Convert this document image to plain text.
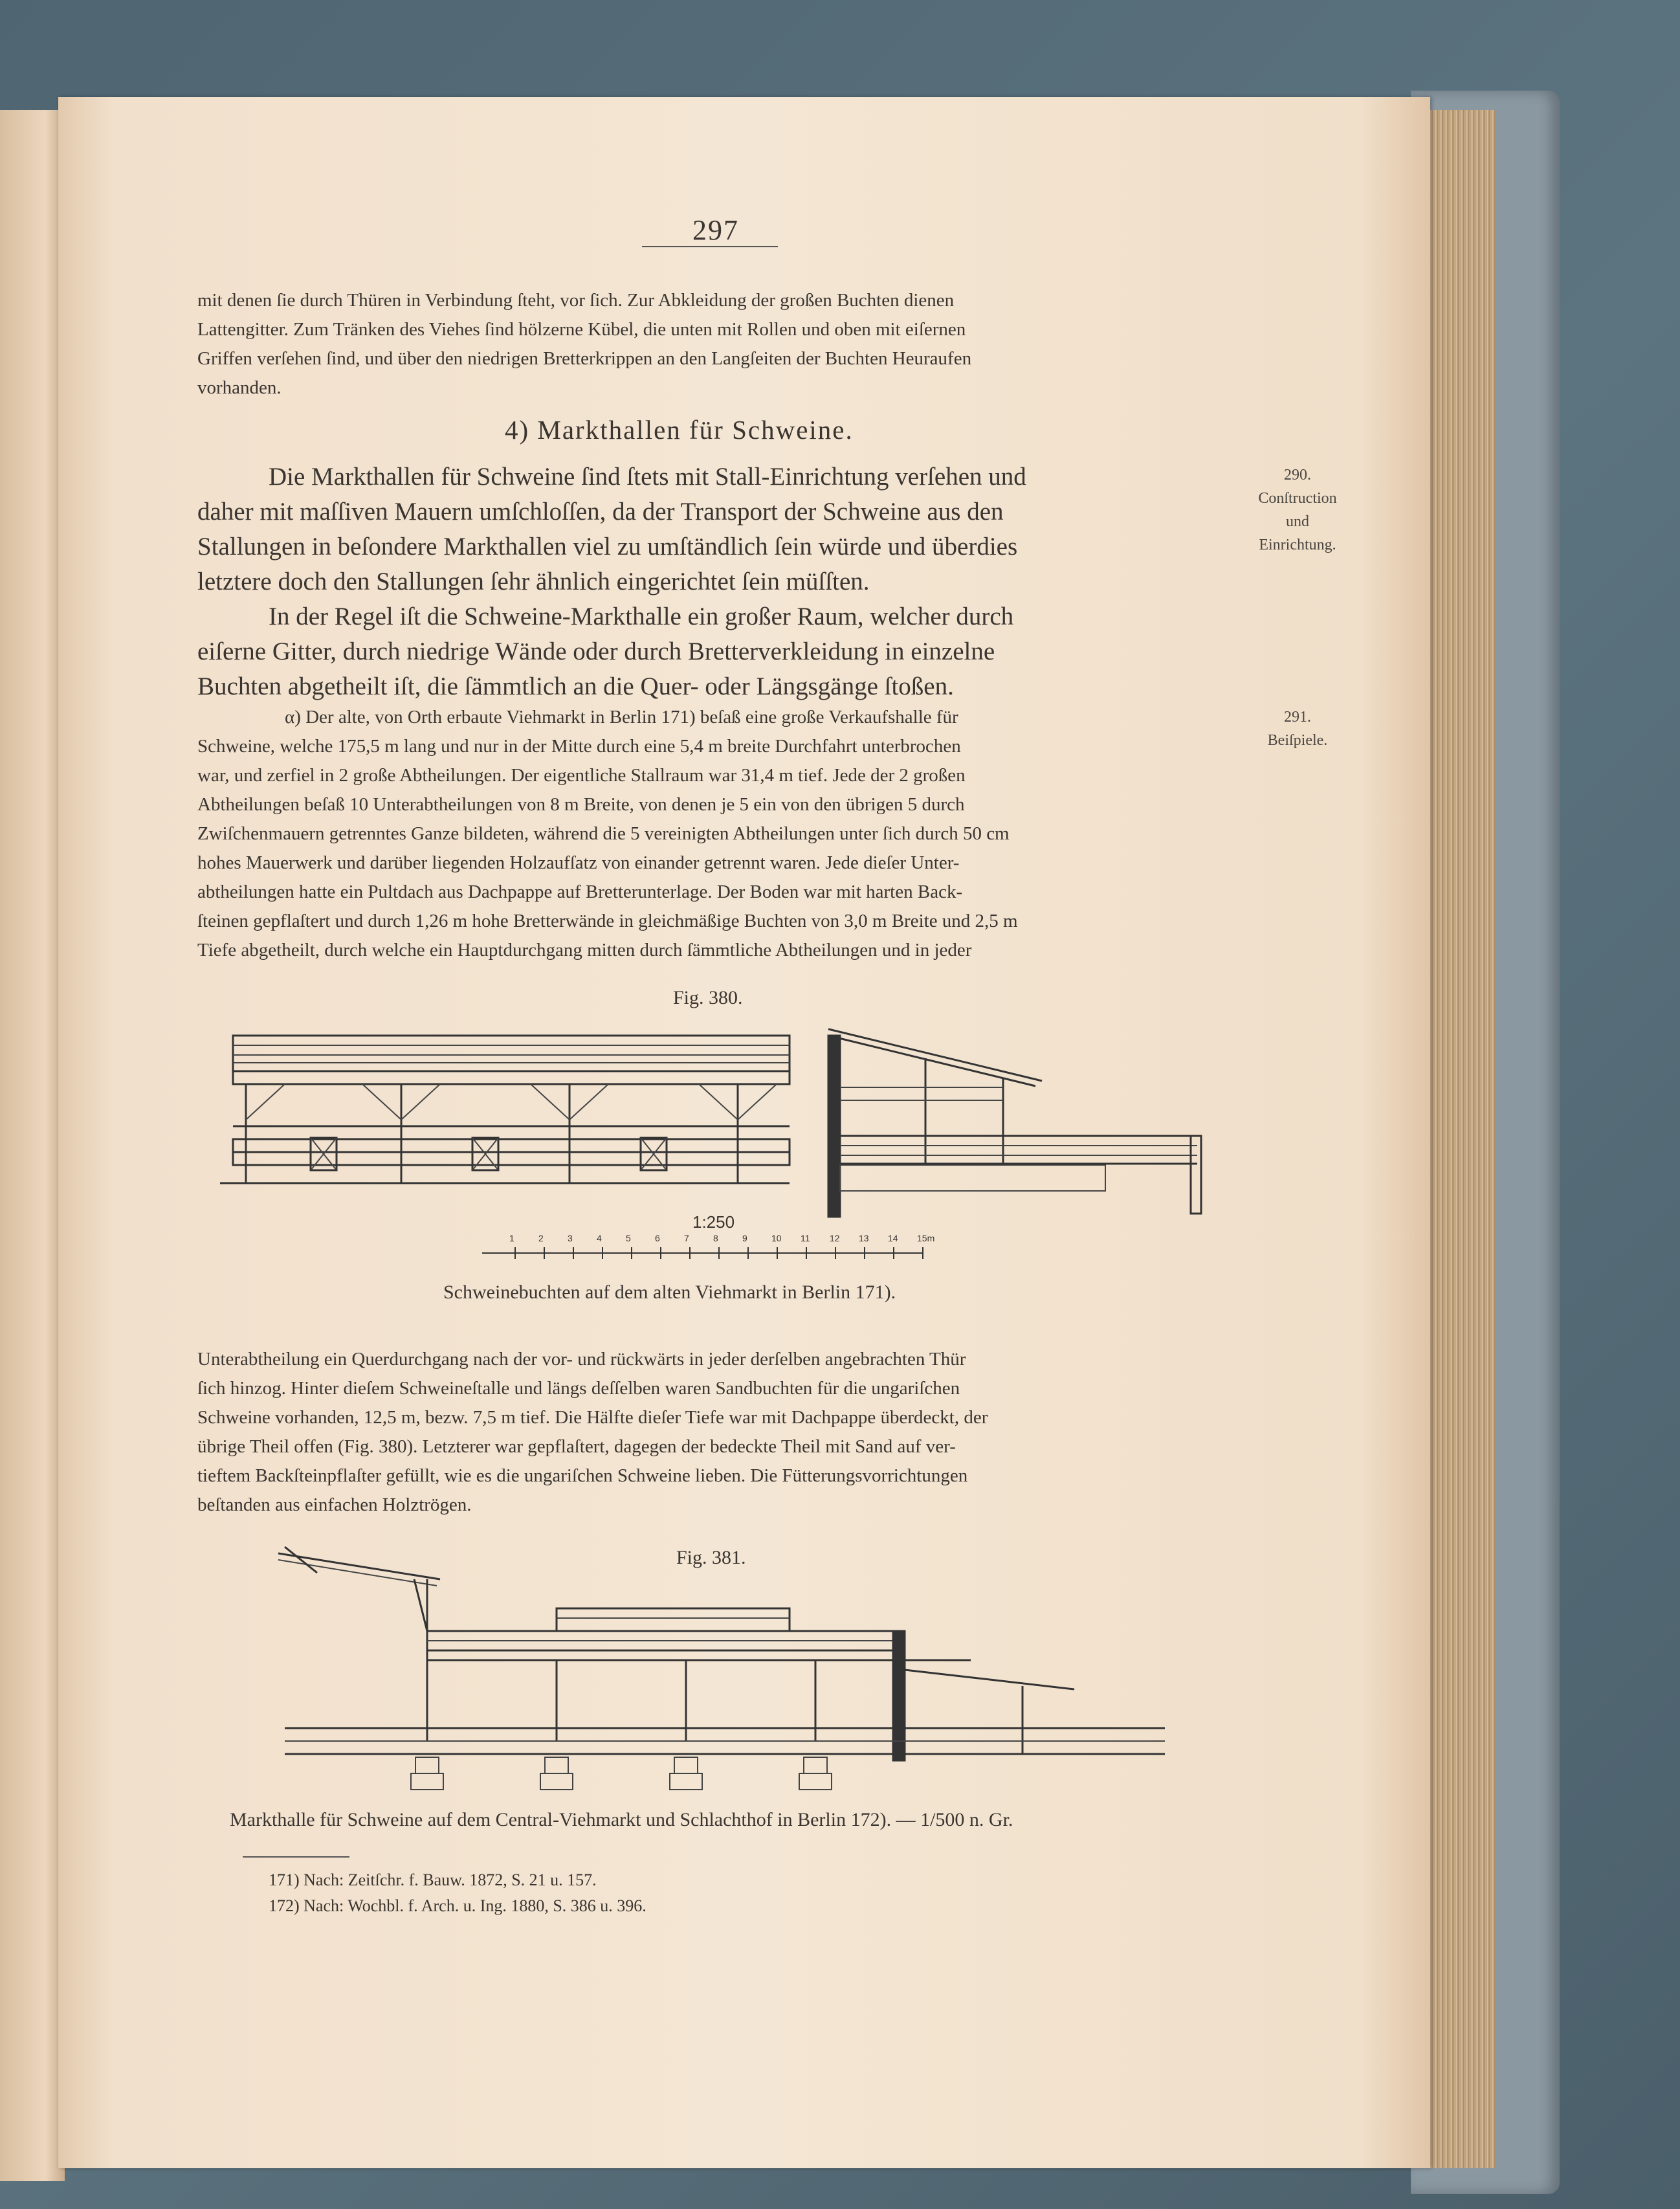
297
mit denen ſie durch Thüren in Verbindung ſteht, vor ſich. Zur Abkleidung der großen Buchten dienen
Lattengitter. Zum Tränken des Viehes ſind hölzerne Kübel, die unten mit Rollen und oben mit eiſernen
Griffen verſehen ſind, und über den niedrigen Bretterkrippen an den Langſeiten der Buchten Heuraufen
vorhanden.
4) Markthallen für Schweine.
Die Markthallen für Schweine ſind ſtets mit Stall-Einrichtung verſehen und
daher mit maſſiven Mauern umſchloſſen, da der Transport der Schweine aus den
Stallungen in beſondere Markthallen viel zu umſtändlich ſein würde und überdies
letztere doch den Stallungen ſehr ähnlich eingerichtet ſein müſſten.
In der Regel iſt die Schweine-Markthalle ein großer Raum, welcher durch
eiſerne Gitter, durch niedrige Wände oder durch Bretterverkleidung in einzelne
Buchten abgetheilt iſt, die ſämmtlich an die Quer- oder Längsgänge ſtoßen.
290.
Conſtruction
und
Einrichtung.
291.
Beiſpiele.
α) Der alte, von Orth erbaute Viehmarkt in Berlin 171) beſaß eine große Verkaufshalle für
Schweine, welche 175,5 m lang und nur in der Mitte durch eine 5,4 m breite Durchfahrt unterbrochen
war, und zerfiel in 2 große Abtheilungen. Der eigentliche Stallraum war 31,4 m tief. Jede der 2 großen
Abtheilungen beſaß 10 Unterabtheilungen von 8 m Breite, von denen je 5 ein von den übrigen 5 durch
Zwiſchenmauern getrenntes Ganze bildeten, während die 5 vereinigten Abtheilungen unter ſich durch 50 cm
hohes Mauerwerk und darüber liegenden Holzaufſatz von einander getrennt waren. Jede dieſer Unter-
abtheilungen hatte ein Pultdach aus Dachpappe auf Bretterunterlage. Der Boden war mit harten Back-
ſteinen gepflaſtert und durch 1,26 m hohe Bretterwände in gleichmäßige Buchten von 3,0 m Breite und 2,5 m
Tiefe abgetheilt, durch welche ein Hauptdurchgang mitten durch ſämmtliche Abtheilungen und in jeder
Fig. 380.
1:250
1	2	3	4	5	6	7	8	9	10 11 12 13 14 15m
Schweinebuchten auf dem alten Viehmarkt in Berlin 171).
Unterabtheilung ein Querdurchgang nach der vor- und rückwärts in jeder derſelben angebrachten Thür
ſich hinzog. Hinter dieſem Schweineſtalle und längs deſſelben waren Sandbuchten für die ungariſchen
Schweine vorhanden, 12,5 m, bezw. 7,5 m tief. Die Hälfte dieſer Tiefe war mit Dachpappe überdeckt, der
übrige Theil offen (Fig. 380). Letzterer war gepflaſtert, dagegen der bedeckte Theil mit Sand auf ver-
tieftem Backſteinpflaſter gefüllt, wie es die ungariſchen Schweine lieben. Die Fütterungsvorrichtungen
beſtanden aus einfachen Holztrögen.
Fig. 381.
Markthalle für Schweine auf dem Central-Viehmarkt und Schlachthof in Berlin 172). — 1/500 n. Gr.
171) Nach: Zeitſchr. f. Bauw. 1872, S. 21 u. 157.
172) Nach: Wochbl. f. Arch. u. Ing. 1880, S. 386 u. 396.
